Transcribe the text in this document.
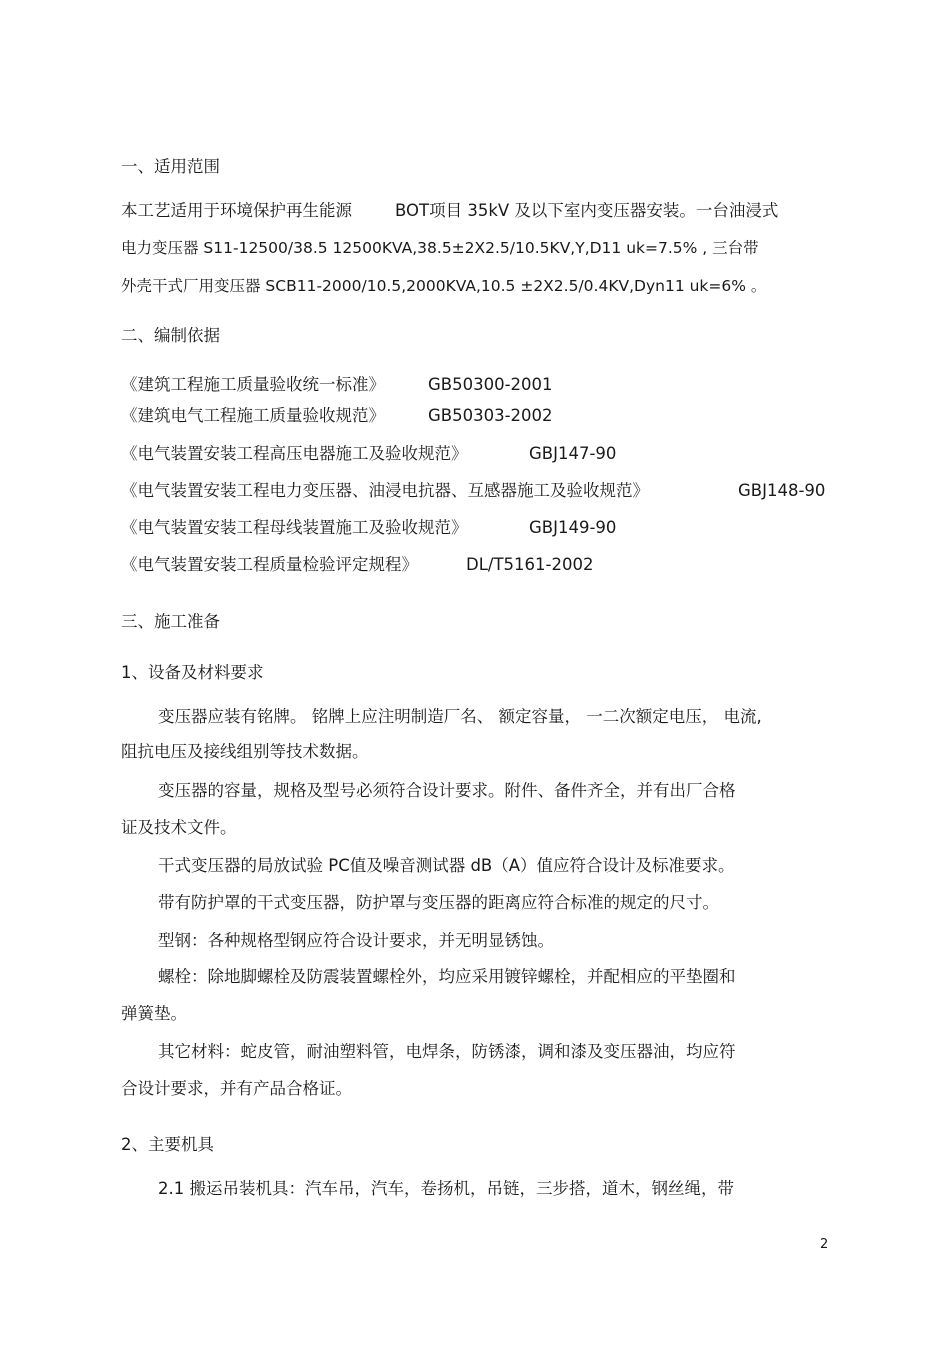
一、适用范围
本工艺适用于环境保护再生能源	BOT项目 35kV 及以下室内变压器安装。一台油浸式
电力变压器 S11-12500/38.5 12500KVA,38.5±2X2.5/10.5KV,Y,D11 uk=7.5% , 三台带
外壳干式厂用变压器 SCB11-2000/10.5,2000KVA,10.5 ±2X2.5/0.4KV,Dyn11 uk=6% 。
二、编制依据
《建筑工程施工质量验收统一标准》	GB50300-2001
《建筑电气工程施工质量验收规范》	GB50303-2002
《电气装置安装工程高压电器施工及验收规范》	GBJ147-90
《电气装置安装工程电力变压器、油浸电抗器、互感器施工及验收规范》	GBJ148-90
《电气装置安装工程母线装置施工及验收规范》	GBJ149-90
《电气装置安装工程质量检验评定规程》	DL/T5161-2002
三、施工准备
1、设备及材料要求
变压器应装有铭牌。 铭牌上应注明制造厂名、 额定容量， 一二次额定电压， 电流,
阻抗电压及接线组别等技术数据。
变压器的容量，规格及型号必须符合设计要求。附件、备件齐全，并有出厂合格
证及技术文件。
干式变压器的局放试验 PC值及噪音测试器 dB（A）值应符合设计及标准要求。
带有防护罩的干式变压器，防护罩与变压器的距离应符合标准的规定的尺寸。
型钢：各种规格型钢应符合设计要求，并无明显锈蚀。
螺栓：除地脚螺栓及防震装置螺栓外，均应采用镀锌螺栓，并配相应的平垫圈和
弹簧垫。
其它材料：蛇皮管，耐油塑料管，电焊条，防锈漆，调和漆及变压器油，均应符
合设计要求，并有产品合格证。
2、主要机具
2.1 搬运吊装机具：汽车吊，汽车，卷扬机，吊链，三步搭，道木，钢丝绳，带
2
